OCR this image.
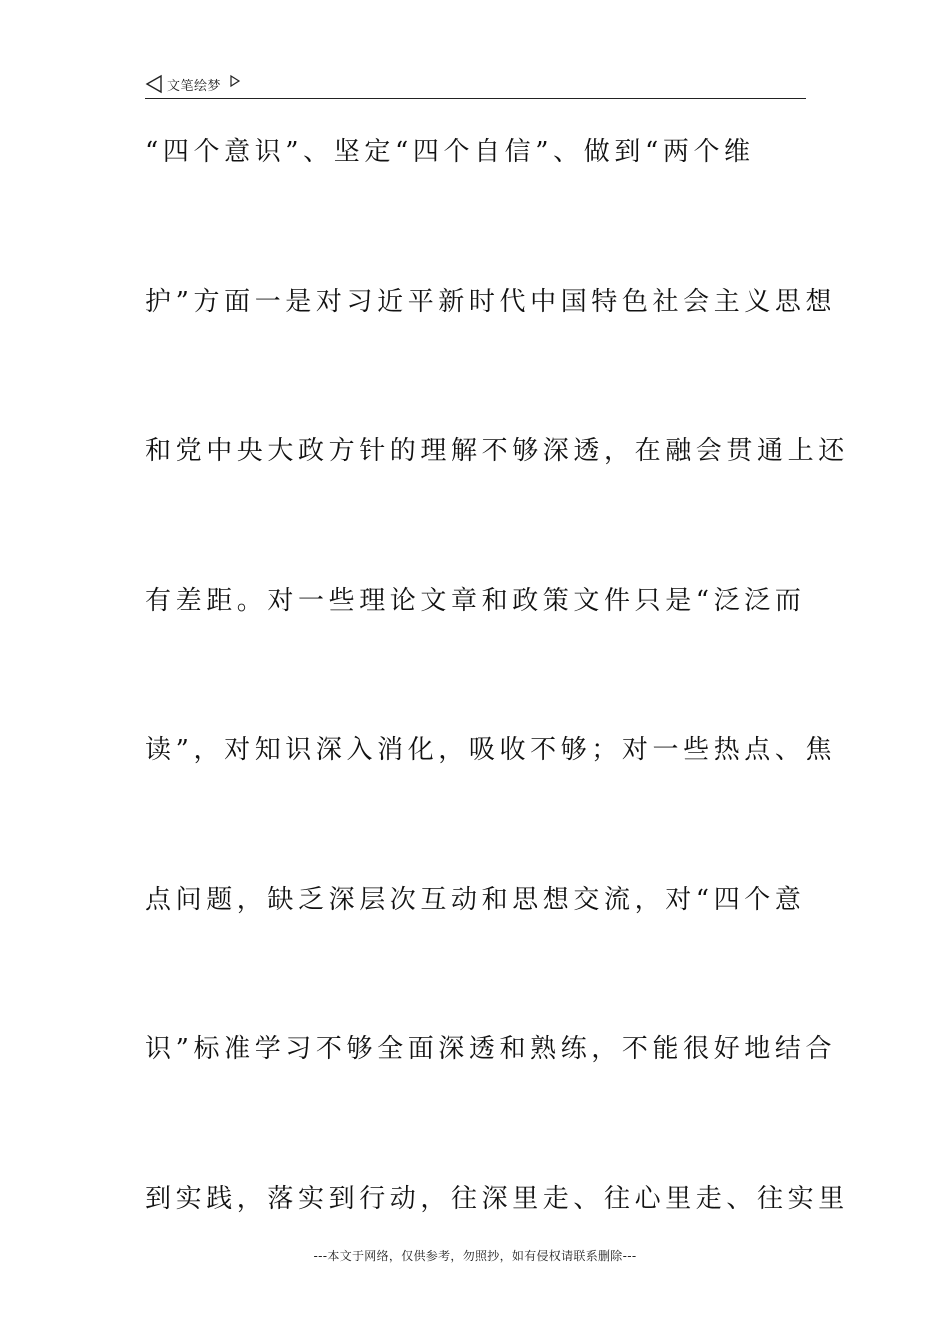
文笔绘梦
“四个意识”、坚定“四个自信”、做到“两个维
护”方面一是对习近平新时代中国特色社会主义思想
和党中央大政方针的理解不够深透，在融会贯通上还
有差距。对一些理论文章和政策文件只是“泛泛而
读”，对知识深入消化，吸收不够；对一些热点、焦
点问题，缺乏深层次互动和思想交流，对“四个意
识”标准学习不够全面深透和熟练，不能很好地结合
到实践，落实到行动，往深里走、往心里走、往实里
---本文于网络，仅供参考，勿照抄，如有侵权请联系删除---
